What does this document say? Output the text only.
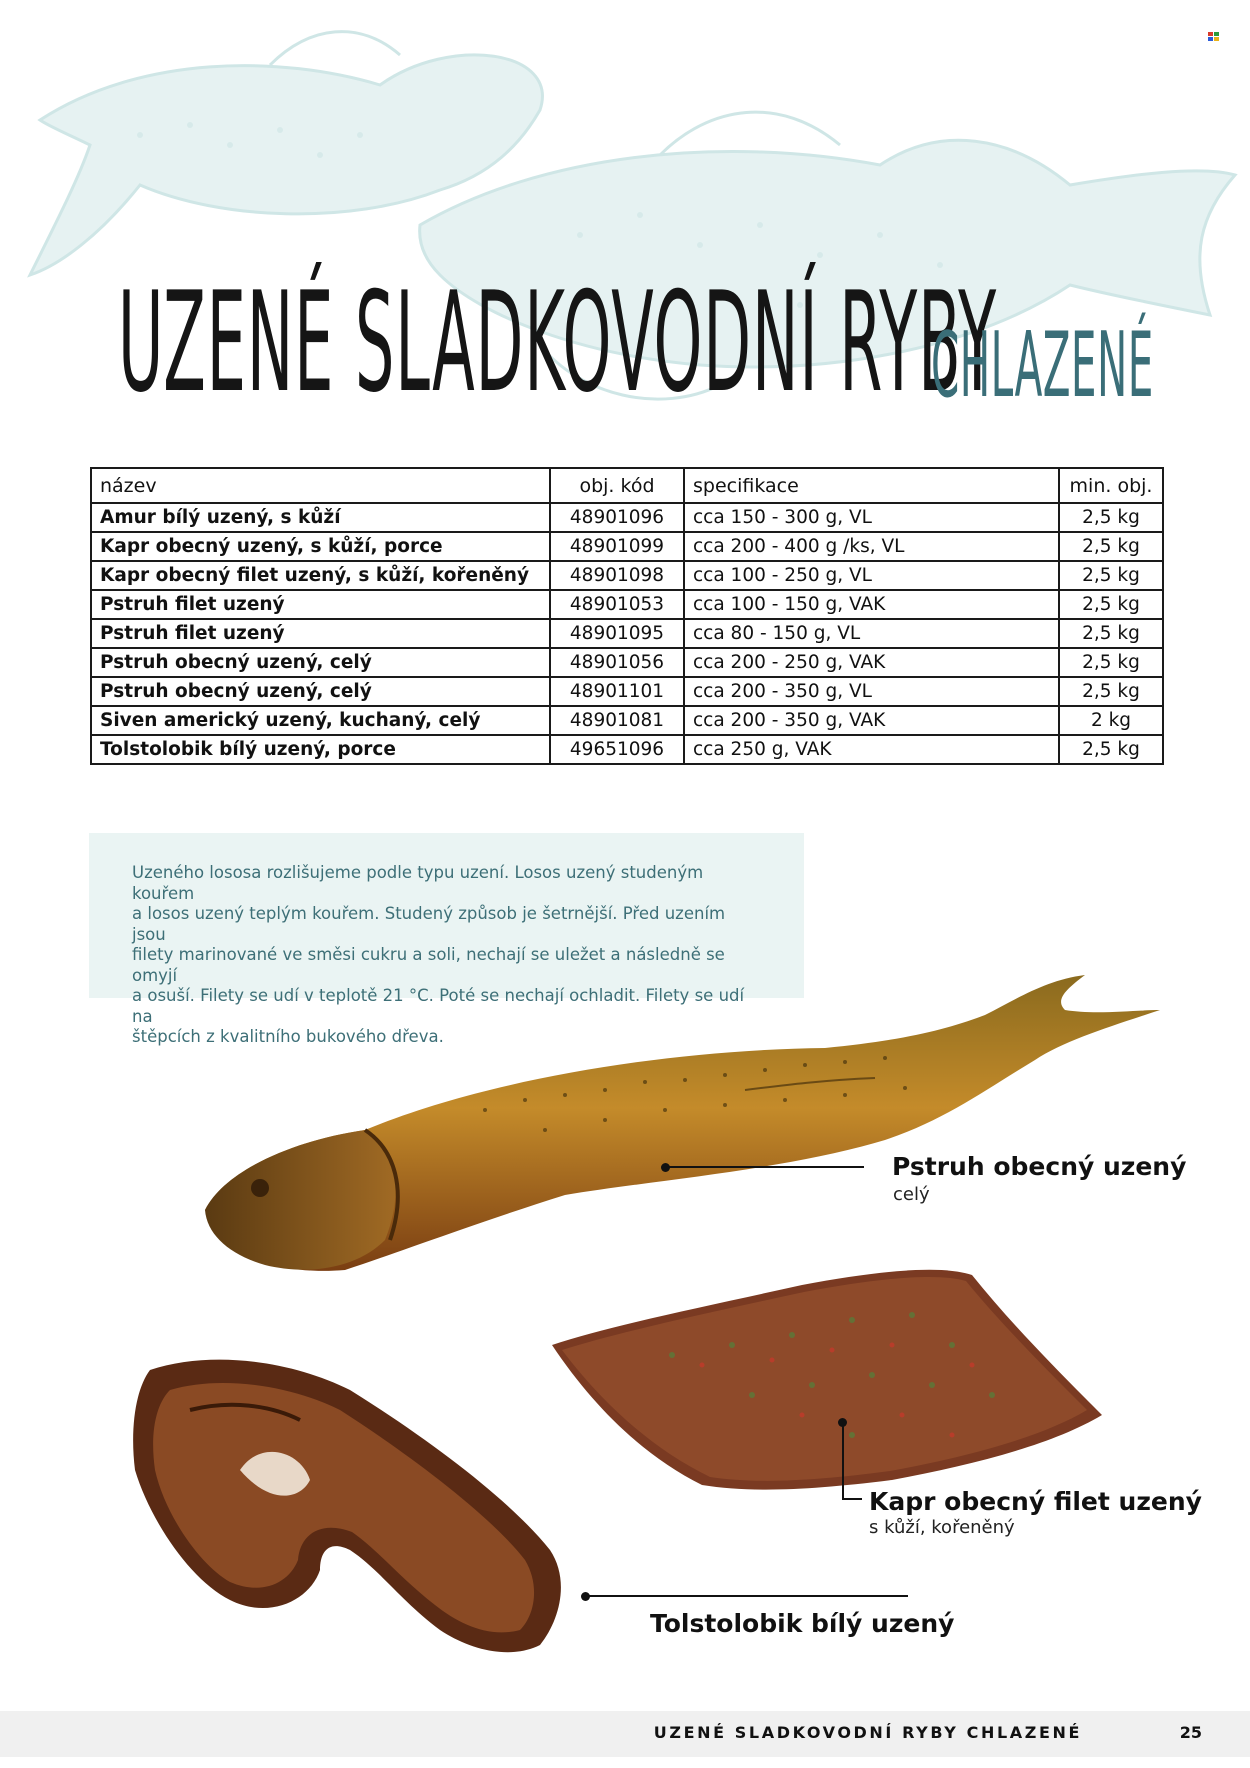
UZENÉ SLADKOVODNÍ RYBY
CHLAZENÉ
název	obj. kód	specifikace	min. obj.
Amur bílý uzený, s kůží	48901096	cca 150 - 300 g, VL	2,5 kg
Kapr obecný uzený, s kůží, porce	48901099	cca 200 - 400 g /ks, VL	2,5 kg
Kapr obecný filet uzený, s kůží, kořeněný	48901098	cca 100 - 250 g, VL	2,5 kg
Pstruh filet uzený	48901053	cca 100 - 150 g, VAK	2,5 kg
Pstruh filet uzený	48901095	cca 80 - 150 g, VL	2,5 kg
Pstruh obecný uzený, celý	48901056	cca 200 - 250 g, VAK	2,5 kg
Pstruh obecný uzený, celý	48901101	cca 200 - 350 g, VL	2,5 kg
Siven americký uzený, kuchaný, celý	48901081	cca 200 - 350 g, VAK	2 kg
Tolstolobik bílý uzený, porce	49651096	cca 250 g, VAK	2,5 kg

Uzeného lososa rozlišujeme podle typu uzení. Losos uzený studeným kouřem
a losos uzený teplým kouřem. Studený způsob je šetrnější. Před uzením jsou
filety marinované ve směsi cukru a soli, nechají se uležet a následně se omyjí
a osuší. Filety se udí v teplotě 21 °C. Poté se nechají ochladit. Filety se udí na
štěpcích z kvalitního bukového dřeva.

Pstruh obecný uzený
celý
Kapr obecný filet uzený
s kůží, kořeněný
Tolstolobik bílý uzený
UZENÉ SLADKOVODNÍ RYBY CHLAZENÉ	25
